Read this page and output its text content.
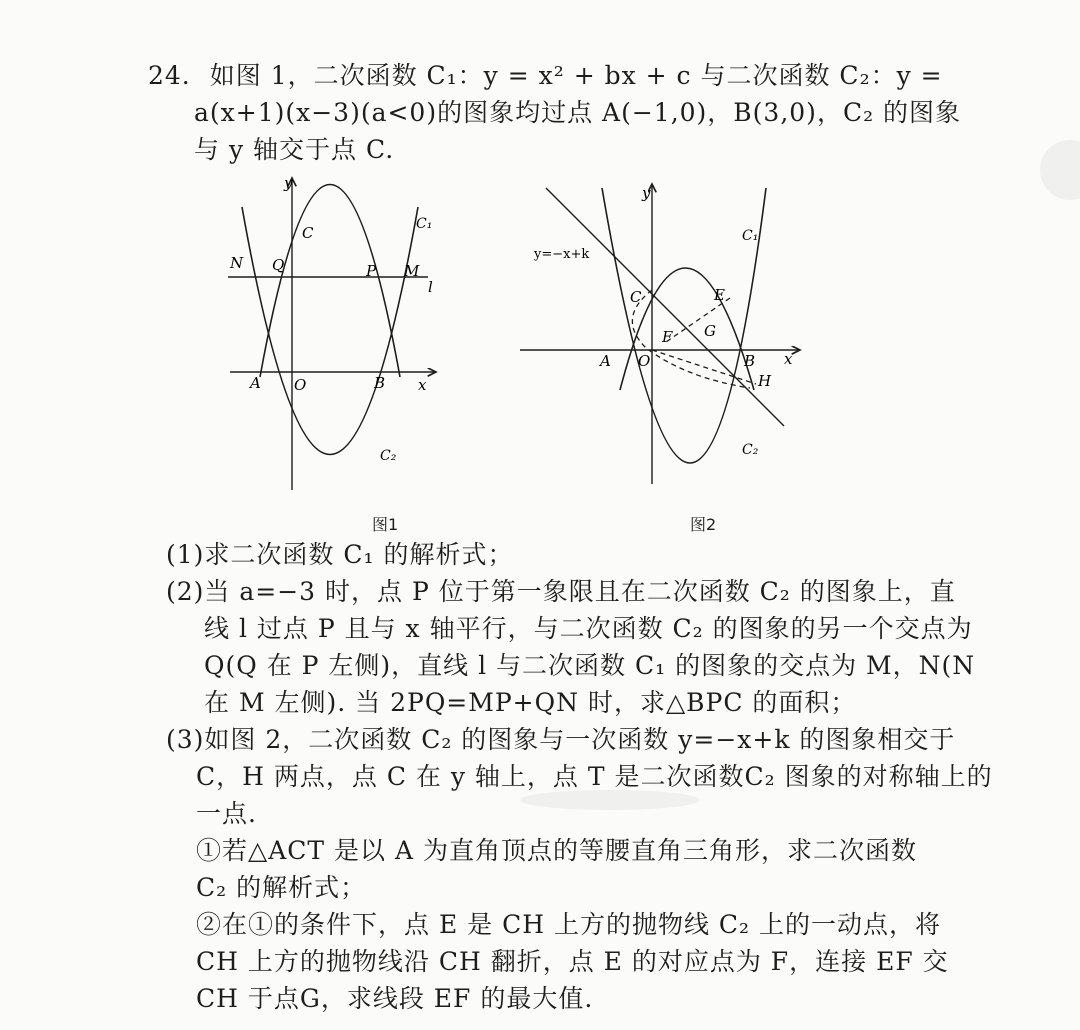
24. 如图 1，二次函数 C₁：y = x² + bx + c 与二次函数 C₂：y =
a(x+1)(x−3)(a<0)的图象均过点 A(−1,0)，B(3,0)，C₂ 的图象
与 y 轴交于点 C.
y
x
O
A	B
C
N Q	P M
l
C₁
C₂
图1
y
x
O
A	B
C	E
F G
H
C₁
C₂
y=−x+k
图2
(1)求二次函数 C₁ 的解析式；
(2)当 a=−3 时，点 P 位于第一象限且在二次函数 C₂ 的图象上，直
线 l 过点 P 且与 x 轴平行，与二次函数 C₂ 的图象的另一个交点为
Q(Q 在 P 左侧)，直线 l 与二次函数 C₁ 的图象的交点为 M，N(N
在 M 左侧). 当 2PQ=MP+QN 时，求△BPC 的面积；
(3)如图 2，二次函数 C₂ 的图象与一次函数 y=−x+k 的图象相交于
C，H 两点，点 C 在 y 轴上，点 T 是二次函数C₂ 图象的对称轴上的
一点.
①若△ACT 是以 A 为直角顶点的等腰直角三角形，求二次函数
C₂ 的解析式；
②在①的条件下，点 E 是 CH 上方的抛物线 C₂ 上的一动点，将
CH 上方的抛物线沿 CH 翻折，点 E 的对应点为 F，连接 EF 交
CH 于点G，求线段 EF 的最大值.
